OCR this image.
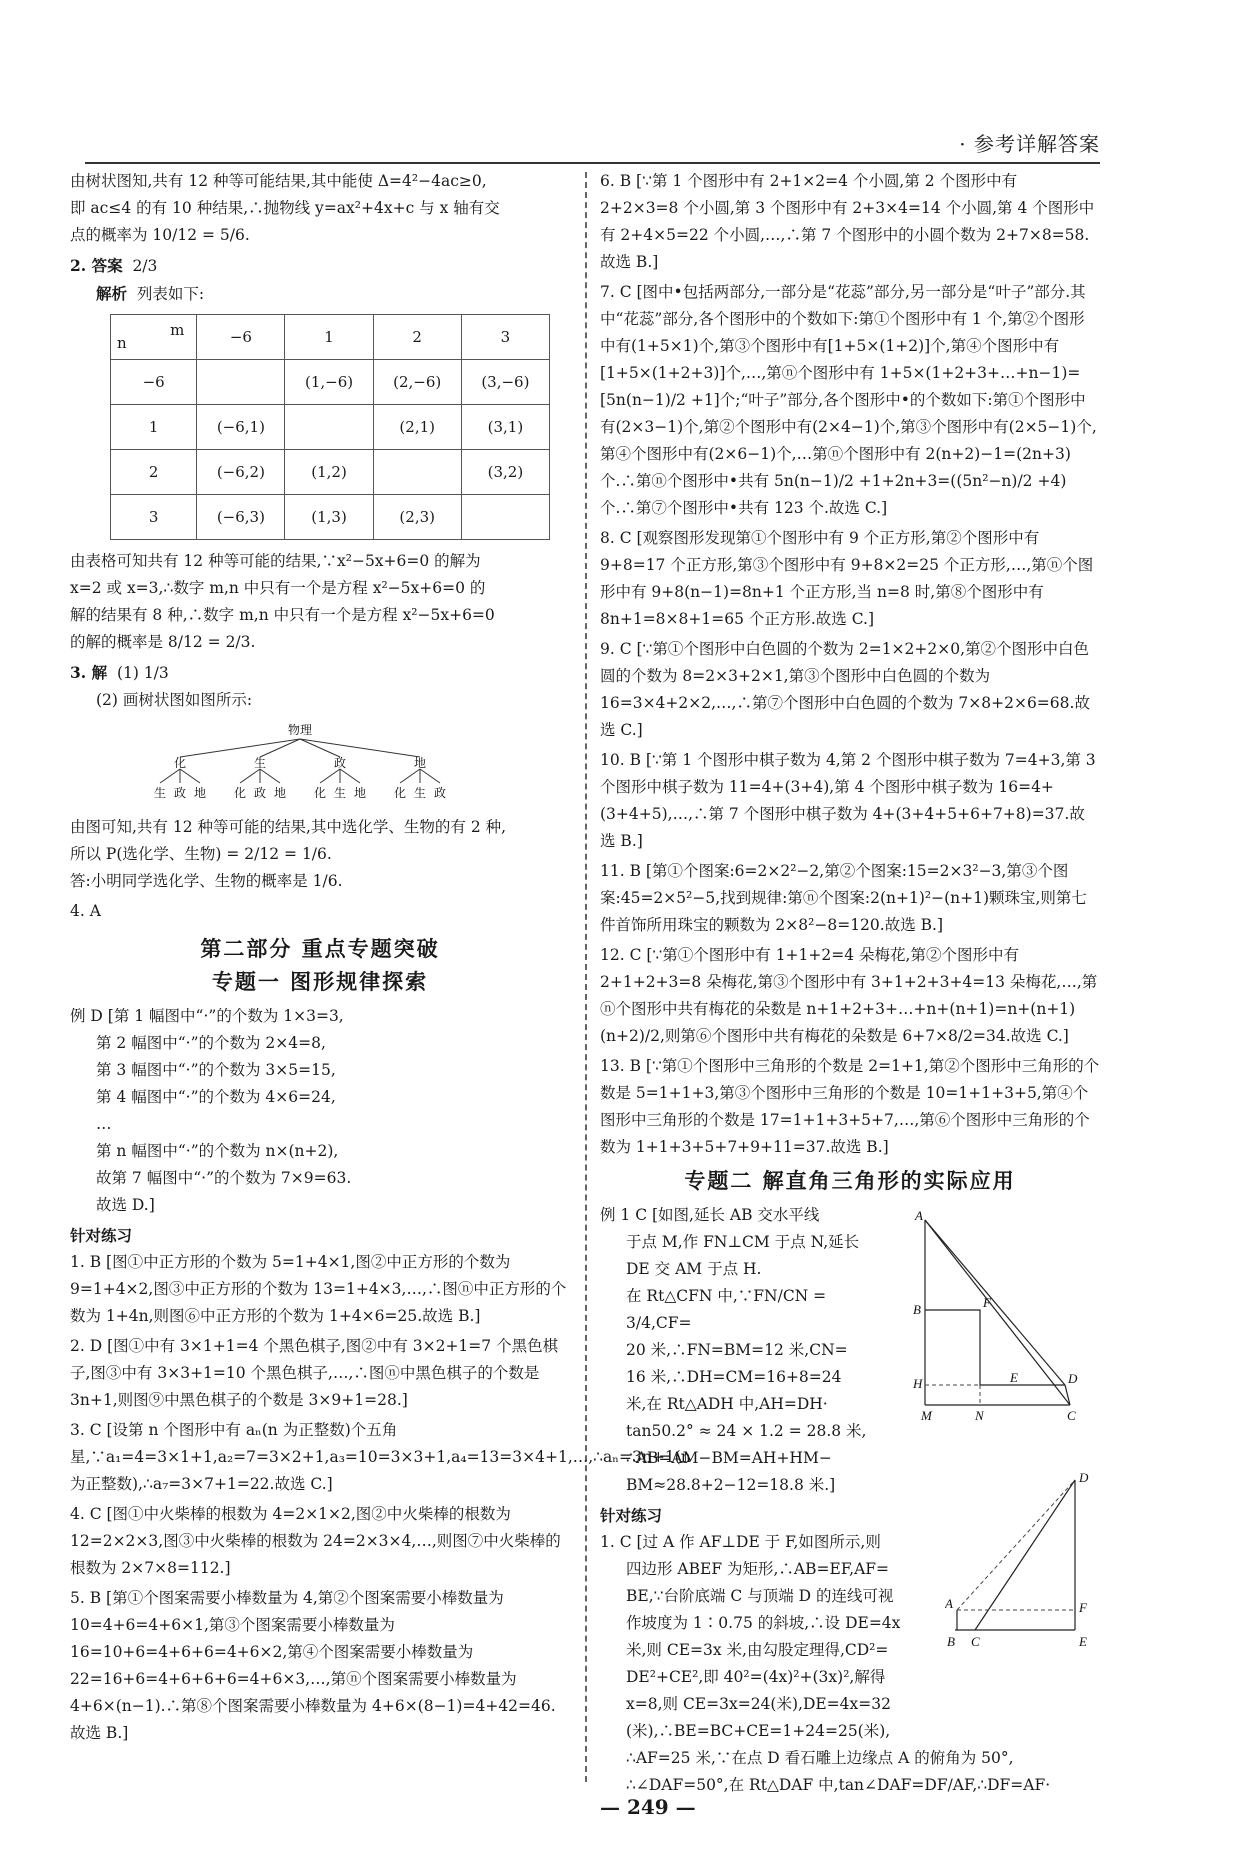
· 参考详解答案

由树状图知,共有 12 种等可能结果,其中能使 Δ=4²−4ac≥0,

即 ac≤4 的有 10 种结果,∴抛物线 y=ax²+4x+c 与 x 轴有交

点的概率为 10/12 = 5/6.

2. 答案 2/3

解析 列表如下:

m
n	−6	1	2	3
−6		(1,−6)	(2,−6)	(3,−6)
1	(−6,1)		(2,1)	(3,1)
2	(−6,2)	(1,2)		(3,2)
3	(−6,3)	(1,3)	(2,3)	

由表格可知共有 12 种等可能的结果,∵x²−5x+6=0 的解为

x=2 或 x=3,∴数字 m,n 中只有一个是方程 x²−5x+6=0 的

解的结果有 8 种,∴数字 m,n 中只有一个是方程 x²−5x+6=0

的解的概率是 8/12 = 2/3.

3. 解 (1) 1/3

(2) 画树状图如图所示:

物理
化	生	政	地
生 政 地 化 政 地 化 生 地 化 生 政

由图可知,共有 12 种等可能的结果,其中选化学、生物的有 2 种,

所以 P(选化学、生物) = 2/12 = 1/6.

答:小明同学选化学、生物的概率是 1/6.

4. A

第二部分 重点专题突破
专题一 图形规律探索

例 D [第 1 幅图中“·”的个数为 1×3=3,

第 2 幅图中“·”的个数为 2×4=8,

第 3 幅图中“·”的个数为 3×5=15,

第 4 幅图中“·”的个数为 4×6=24,

…

第 n 幅图中“·”的个数为 n×(n+2),

故第 7 幅图中“·”的个数为 7×9=63.

故选 D.]

针对练习

1. B [图①中正方形的个数为 5=1+4×1,图②中正方形的个数为 9=1+4×2,图③中正方形的个数为 13=1+4×3,…,∴图ⓝ中正方形的个数为 1+4n,则图⑥中正方形的个数为 1+4×6=25.故选 B.]

2. D [图①中有 3×1+1=4 个黑色棋子,图②中有 3×2+1=7 个黑色棋子,图③中有 3×3+1=10 个黑色棋子,…,∴图ⓝ中黑色棋子的个数是 3n+1,则图⑨中黑色棋子的个数是 3×9+1=28.]

3. C [设第 n 个图形中有 aₙ(n 为正整数)个五角星,∵a₁=4=3×1+1,a₂=7=3×2+1,a₃=10=3×3+1,a₄=13=3×4+1,…,∴aₙ=3n+1(n 为正整数),∴a₇=3×7+1=22.故选 C.]

4. C [图①中火柴棒的根数为 4=2×1×2,图②中火柴棒的根数为 12=2×2×3,图③中火柴棒的根数为 24=2×3×4,…,则图⑦中火柴棒的根数为 2×7×8=112.]

5. B [第①个图案需要小棒数量为 4,第②个图案需要小棒数量为 10=4+6=4+6×1,第③个图案需要小棒数量为 16=10+6=4+6+6=4+6×2,第④个图案需要小棒数量为 22=16+6=4+6+6+6=4+6×3,…,第ⓝ个图案需要小棒数量为 4+6×(n−1).∴第⑧个图案需要小棒数量为 4+6×(8−1)=4+42=46.故选 B.]

6. B [∵第 1 个图形中有 2+1×2=4 个小圆,第 2 个图形中有 2+2×3=8 个小圆,第 3 个图形中有 2+3×4=14 个小圆,第 4 个图形中有 2+4×5=22 个小圆,…,∴第 7 个图形中的小圆个数为 2+7×8=58.故选 B.]

7. C [图中•包括两部分,一部分是“花蕊”部分,另一部分是“叶子”部分.其中“花蕊”部分,各个图形中的个数如下:第①个图形中有 1 个,第②个图形中有(1+5×1)个,第③个图形中有[1+5×(1+2)]个,第④个图形中有[1+5×(1+2+3)]个,…,第ⓝ个图形中有 1+5×(1+2+3+…+n−1)=[5n(n−1)/2 +1]个;“叶子”部分,各个图形中•的个数如下:第①个图形中有(2×3−1)个,第②个图形中有(2×4−1)个,第③个图形中有(2×5−1)个,第④个图形中有(2×6−1)个,…第ⓝ个图形中有 2(n+2)−1=(2n+3)个.∴第ⓝ个图形中•共有 5n(n−1)/2 +1+2n+3=((5n²−n)/2 +4)个.∴第⑦个图形中•共有 123 个.故选 C.]

8. C [观察图形发现第①个图形中有 9 个正方形,第②个图形中有 9+8=17 个正方形,第③个图形中有 9+8×2=25 个正方形,…,第ⓝ个图形中有 9+8(n−1)=8n+1 个正方形,当 n=8 时,第⑧个图形中有 8n+1=8×8+1=65 个正方形.故选 C.]

9. C [∵第①个图形中白色圆的个数为 2=1×2+2×0,第②个图形中白色圆的个数为 8=2×3+2×1,第③个图形中白色圆的个数为 16=3×4+2×2,…,∴第⑦个图形中白色圆的个数为 7×8+2×6=68.故选 C.]

10. B [∵第 1 个图形中棋子数为 4,第 2 个图形中棋子数为 7=4+3,第 3 个图形中棋子数为 11=4+(3+4),第 4 个图形中棋子数为 16=4+(3+4+5),…,∴第 7 个图形中棋子数为 4+(3+4+5+6+7+8)=37.故选 B.]

11. B [第①个图案:6=2×2²−2,第②个图案:15=2×3²−3,第③个图案:45=2×5²−5,找到规律:第ⓝ个图案:2(n+1)²−(n+1)颗珠宝,则第七件首饰所用珠宝的颗数为 2×8²−8=120.故选 B.]

12. C [∵第①个图形中有 1+1+2=4 朵梅花,第②个图形中有 2+1+2+3=8 朵梅花,第③个图形中有 3+1+2+3+4=13 朵梅花,…,第ⓝ个图形中共有梅花的朵数是 n+1+2+3+…+n+(n+1)=n+(n+1)(n+2)/2,则第⑥个图形中共有梅花的朵数是 6+7×8/2=34.故选 C.]

13. B [∵第①个图形中三角形的个数是 2=1+1,第②个图形中三角形的个数是 5=1+1+3,第③个图形中三角形的个数是 10=1+1+3+5,第④个图形中三角形的个数是 17=1+1+3+5+7,…,第⑥个图形中三角形的个数为 1+1+3+5+7+9+11=37.故选 B.]

专题二 解直角三角形的实际应用

例 1 C [如图,延长 AB 交水平线

于点 M,作 FN⊥CM 于点 N,延长

DE 交 AM 于点 H.

在 Rt△CFN 中,∵FN/CN = 3/4,CF=

20 米,∴FN=BM=12 米,CN=

16 米,∴DH=CM=16+8=24

米,在 Rt△ADH 中,AH=DH·

tan50.2° ≈ 24 × 1.2 = 28.8 米,

∴AB=AM−BM=AH+HM−

BM≈28.8+2−12=18.8 米.]

针对练习

1. C [过 A 作 AF⊥DE 于 F,如图所示,则

四边形 ABEF 为矩形,∴AB=EF,AF=

BE,∵台阶底端 C 与顶端 D 的连线可视

作坡度为 1∶0.75 的斜坡,∴设 DE=4x

米,则 CE=3x 米,由勾股定理得,CD²=

DE²+CE²,即 40²=(4x)²+(3x)²,解得

x=8,则 CE=3x=24(米),DE=4x=32

(米),∴BE=BC+CE=1+24=25(米),

∴AF=25 米,∵在点 D 看石雕上边缘点 A 的俯角为 50°,

∴∠DAF=50°,在 Rt△DAF 中,tan∠DAF=DF/AF,∴DF=AF·

A
B	F
H	E	D
M	N	C
D
A	F
B C	E
— 249 —
